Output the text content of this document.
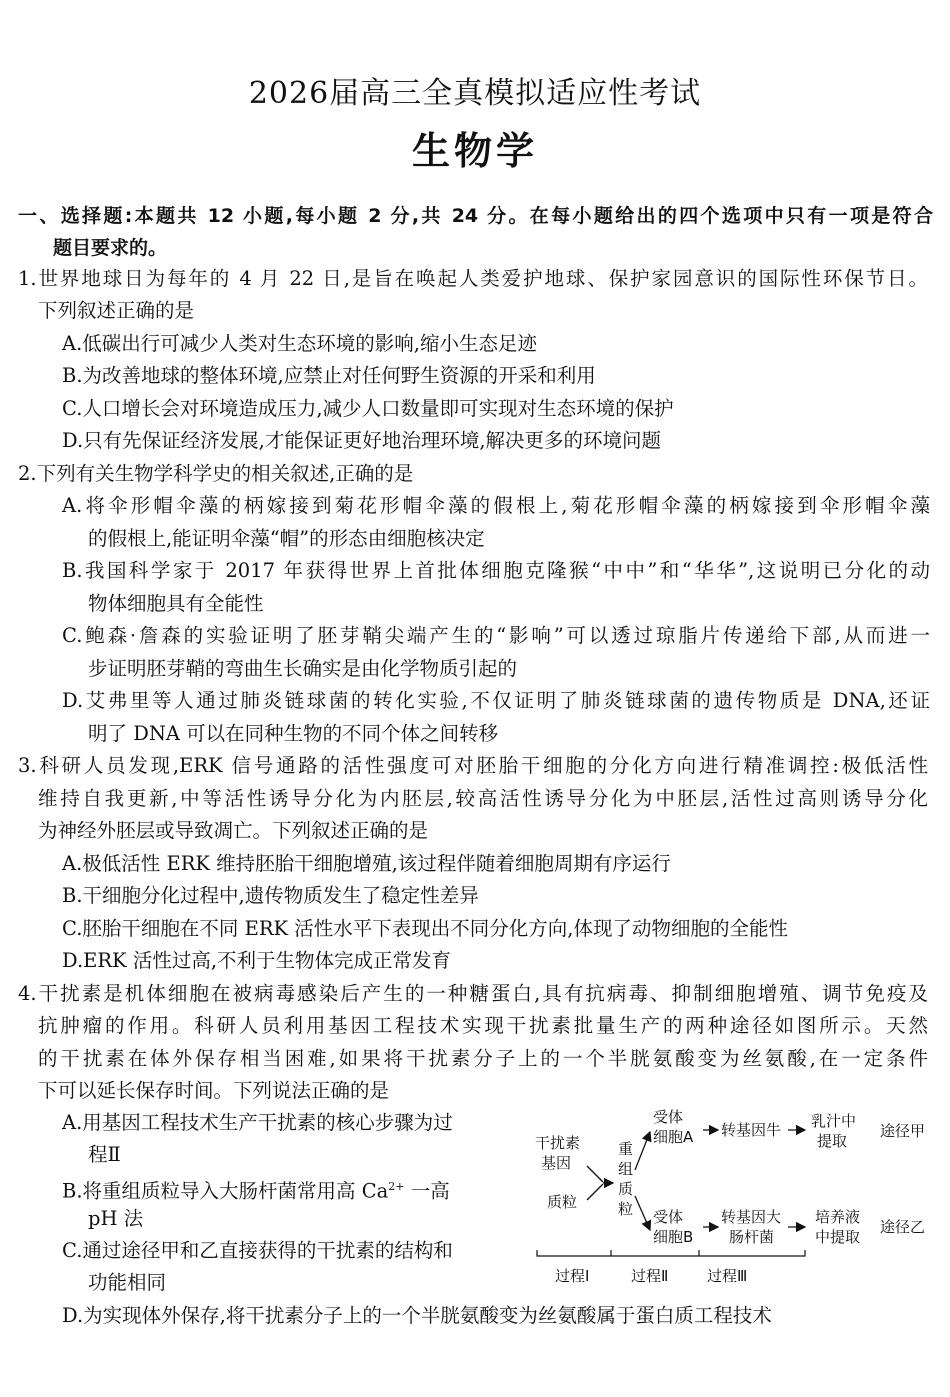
2026届高三全真模拟适应性考试
生物学
一、选择题:本题共 12 小题,每小题 2 分,共 24 分。在每小题给出的四个选项中只有一项是符合
题目要求的。
1.世界地球日为每年的 4 月 22 日,是旨在唤起人类爱护地球、保护家园意识的国际性环保节日。
下列叙述正确的是
A.低碳出行可减少人类对生态环境的影响,缩小生态足迹
B.为改善地球的整体环境,应禁止对任何野生资源的开采和利用
C.人口增长会对环境造成压力,减少人口数量即可实现对生态环境的保护
D.只有先保证经济发展,才能保证更好地治理环境,解决更多的环境问题
2.下列有关生物学科学史的相关叙述,正确的是
A.将伞形帽伞藻的柄嫁接到菊花形帽伞藻的假根上,菊花形帽伞藻的柄嫁接到伞形帽伞藻
的假根上,能证明伞藻“帽”的形态由细胞核决定
B.我国科学家于 2017 年获得世界上首批体细胞克隆猴“中中”和“华华”,这说明已分化的动
物体细胞具有全能性
C.鲍森·詹森的实验证明了胚芽鞘尖端产生的“影响”可以透过琼脂片传递给下部,从而进一
步证明胚芽鞘的弯曲生长确实是由化学物质引起的
D.艾弗里等人通过肺炎链球菌的转化实验,不仅证明了肺炎链球菌的遗传物质是 DNA,还证
明了 DNA 可以在同种生物的不同个体之间转移
3.科研人员发现,ERK 信号通路的活性强度可对胚胎干细胞的分化方向进行精准调控:极低活性
维持自我更新,中等活性诱导分化为内胚层,较高活性诱导分化为中胚层,活性过高则诱导分化
为神经外胚层或导致凋亡。下列叙述正确的是
A.极低活性 ERK 维持胚胎干细胞增殖,该过程伴随着细胞周期有序运行
B.干细胞分化过程中,遗传物质发生了稳定性差异
C.胚胎干细胞在不同 ERK 活性水平下表现出不同分化方向,体现了动物细胞的全能性
D.ERK 活性过高,不利于生物体完成正常发育
4.干扰素是机体细胞在被病毒感染后产生的一种糖蛋白,具有抗病毒、抑制细胞增殖、调节免疫及
抗肿瘤的作用。科研人员利用基因工程技术实现干扰素批量生产的两种途径如图所示。天然
的干扰素在体外保存相当困难,如果将干扰素分子上的一个半胱氨酸变为丝氨酸,在一定条件
下可以延长保存时间。下列说法正确的是
A.用基因工程技术生产干扰素的核心步骤为过
程Ⅱ
B.将重组质粒导入大肠杆菌常用高 $Ca^{2+}$ 一高
pH 法
C.通过途径甲和乙直接获得的干扰素的结构和
功能相同
D.为实现体外保存,将干扰素分子上的一个半胱氨酸变为丝氨酸属于蛋白质工程技术
干扰素
基因
质粒
重
组
质
粒
受体
细胞A 转基因牛 乳汁中
提取
途径甲
受体
细胞B
转基因大
肠杆菌
培养液
中提取
途径乙
过程Ⅰ	过程Ⅱ	过程Ⅲ
